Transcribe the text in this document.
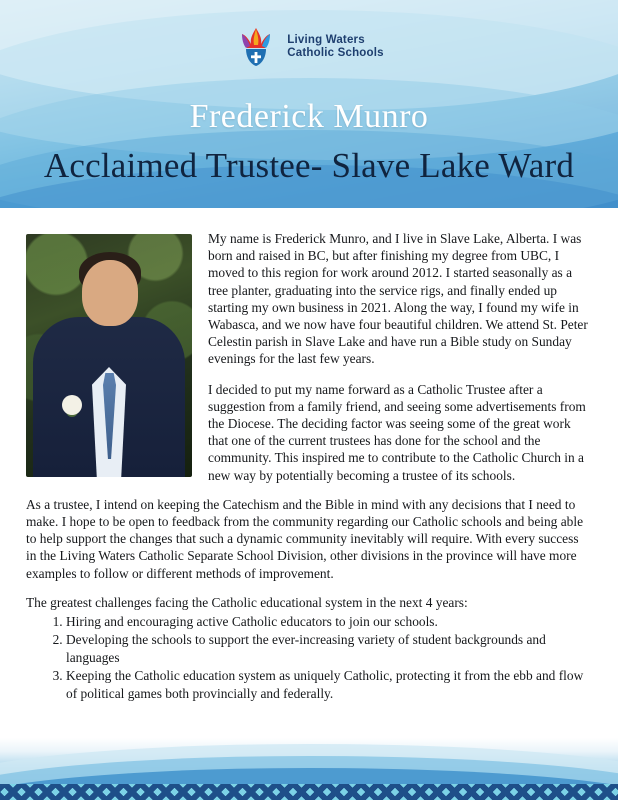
Living Waters
Catholic Schools
Frederick Munro
Acclaimed Trustee- Slave Lake Ward

My name is Frederick Munro, and I live in Slave Lake, Alberta. I was born and raised in BC, but after finishing my degree from UBC, I moved to this region for work around 2012. I started seasonally as a tree planter, graduating into the service rigs, and finally ended up starting my own business in 2021. Along the way, I found my wife in Wabasca, and we now have four beautiful children. We attend St. Peter Celestin parish in Slave Lake and have run a Bible study on Sunday evenings for the last few years.

I decided to put my name forward as a Catholic Trustee after a suggestion from a family friend, and seeing some advertisements from the Diocese. The deciding factor was seeing some of the great work that one of the current trustees has done for the school and the community. This inspired me to contribute to the Catholic Church in a new way by potentially becoming a trustee of its schools.

As a trustee, I intend on keeping the Catechism and the Bible in mind with any decisions that I need to make. I hope to be open to feedback from the community regarding our Catholic schools and being able to help support the changes that such a dynamic community inevitably will require. With every success in the Living Waters Catholic Separate School Division, other divisions in the province will have more examples to follow or different methods of improvement.

The greatest challenges facing the Catholic educational system in the next 4 years:

1. Hiring and encouraging active Catholic educators to join our schools.
2. Developing the schools to support the ever-increasing variety of student backgrounds and languages
3. Keeping the Catholic education system as uniquely Catholic, protecting it from the ebb and flow of political games both provincially and federally.
